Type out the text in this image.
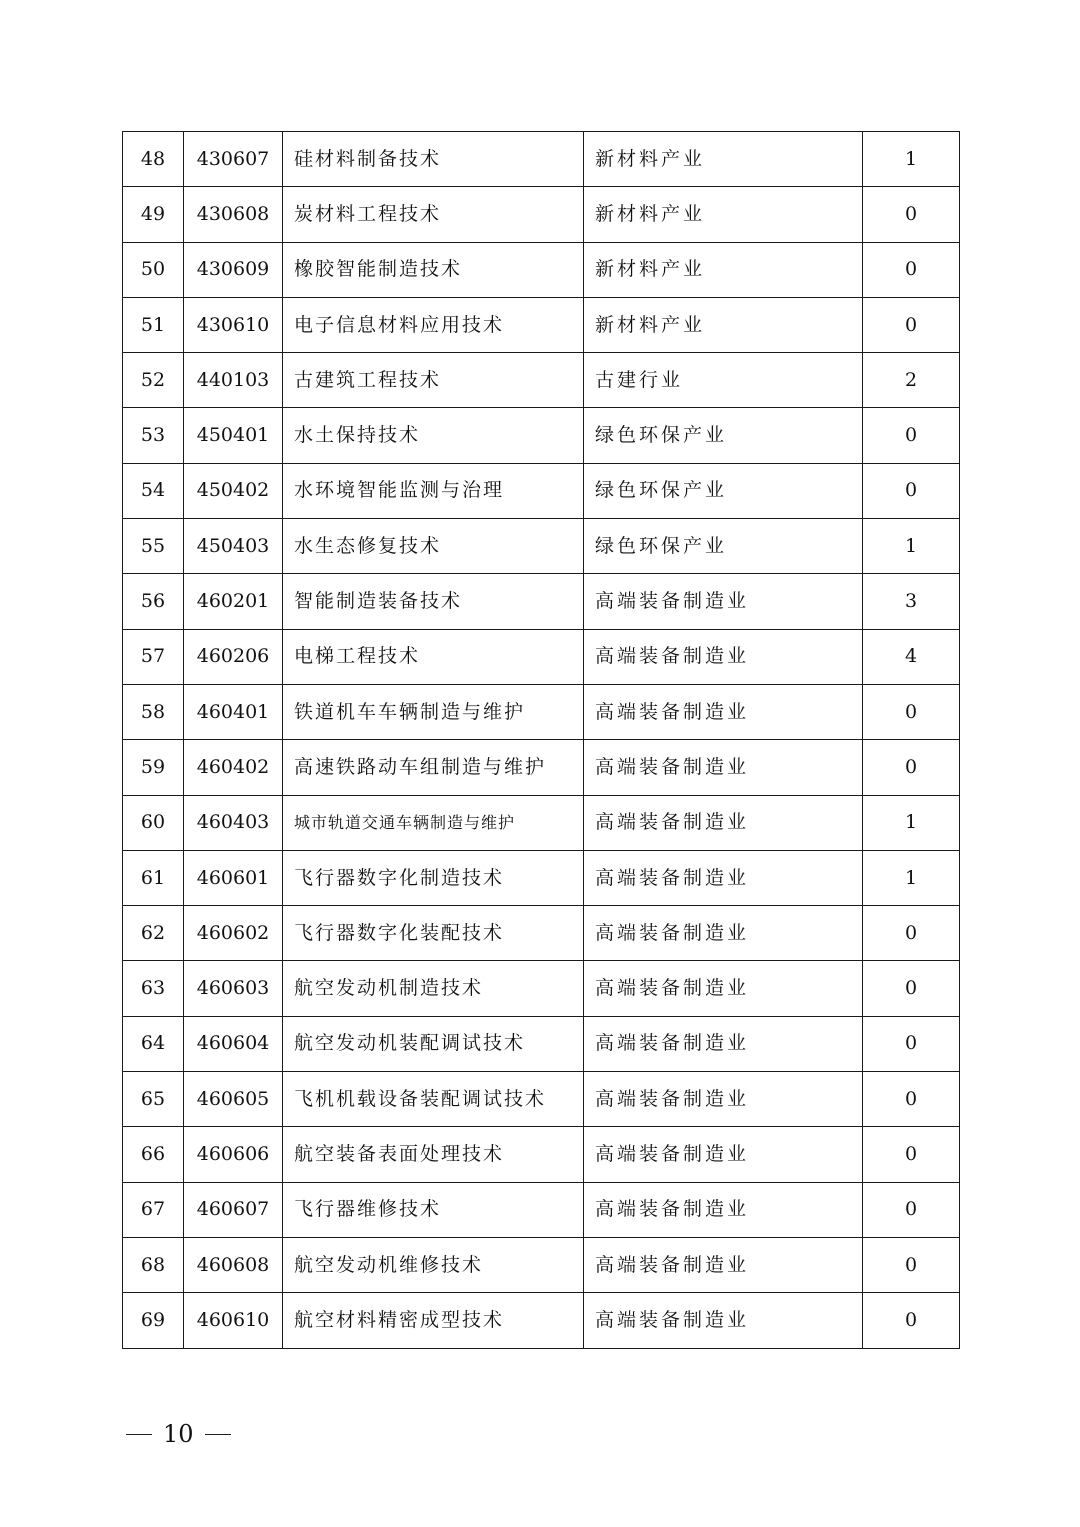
48	430607	硅材料制备技术	新材料产业	1
49	430608	炭材料工程技术	新材料产业	0
50	430609	橡胶智能制造技术	新材料产业	0
51	430610	电子信息材料应用技术	新材料产业	0
52	440103	古建筑工程技术	古建行业	2
53	450401	水土保持技术	绿色环保产业	0
54	450402	水环境智能监测与治理	绿色环保产业	0
55	450403	水生态修复技术	绿色环保产业	1
56	460201	智能制造装备技术	高端装备制造业	3
57	460206	电梯工程技术	高端装备制造业	4
58	460401	铁道机车车辆制造与维护	高端装备制造业	0
59	460402	高速铁路动车组制造与维护	高端装备制造业	0
60	460403	城市轨道交通车辆制造与维护	高端装备制造业	1
61	460601	飞行器数字化制造技术	高端装备制造业	1
62	460602	飞行器数字化装配技术	高端装备制造业	0
63	460603	航空发动机制造技术	高端装备制造业	0
64	460604	航空发动机装配调试技术	高端装备制造业	0
65	460605	飞机机载设备装配调试技术	高端装备制造业	0
66	460606	航空装备表面处理技术	高端装备制造业	0
67	460607	飞行器维修技术	高端装备制造业	0
68	460608	航空发动机维修技术	高端装备制造业	0
69	460610	航空材料精密成型技术	高端装备制造业	0
10
